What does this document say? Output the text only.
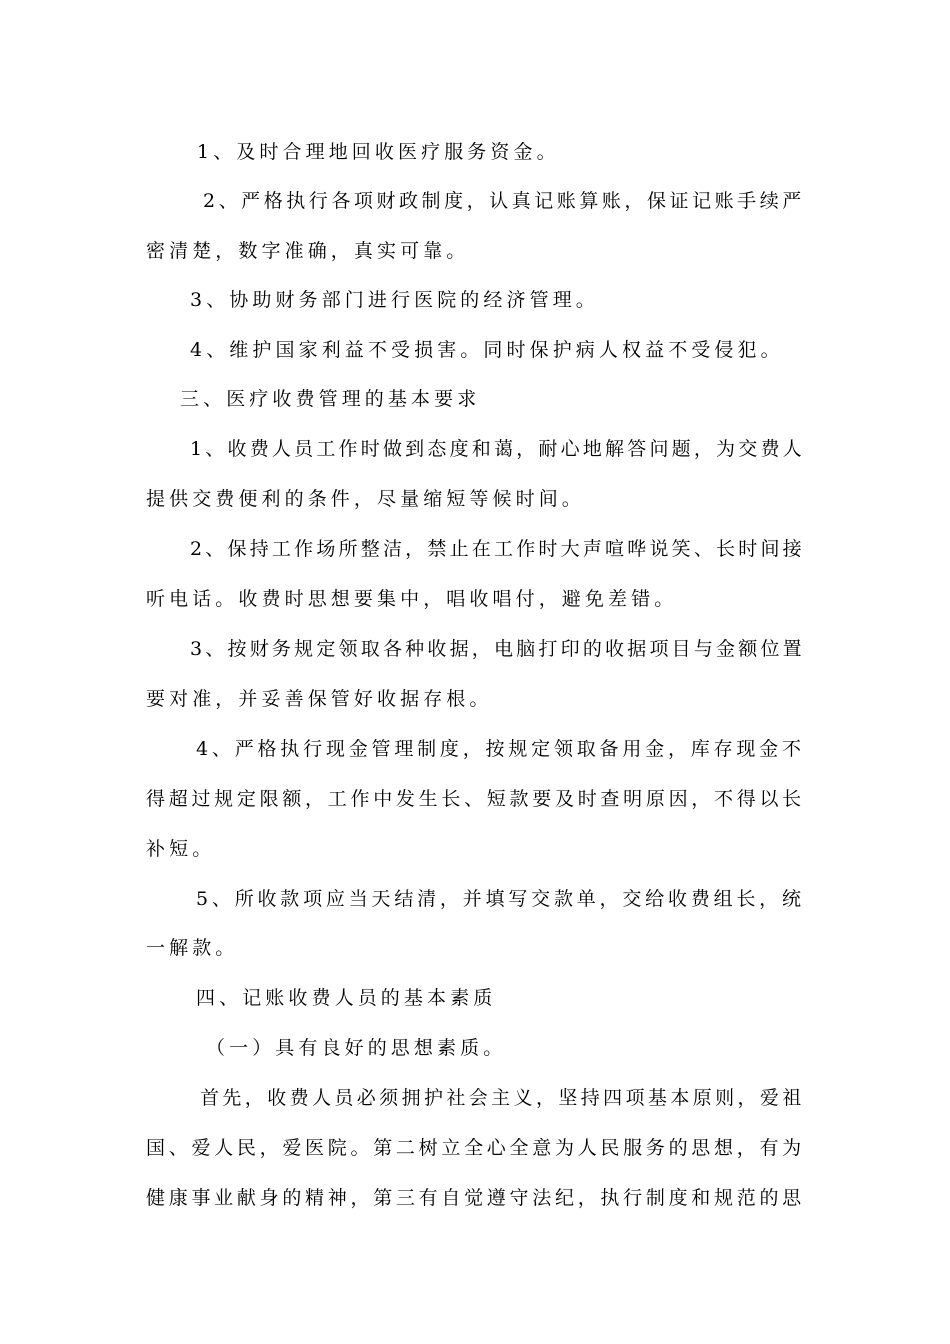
1、及时合理地回收医疗服务资金。
2、严格执行各项财政制度，认真记账算账，保证记账手续严
密清楚，数字准确，真实可靠。
3、协助财务部门进行医院的经济管理。
4、维护国家利益不受损害。同时保护病人权益不受侵犯。
三、医疗收费管理的基本要求
1、收费人员工作时做到态度和蔼，耐心地解答问题，为交费人
提供交费便利的条件，尽量缩短等候时间。
2、保持工作场所整洁，禁止在工作时大声喧哗说笑、长时间接
听电话。收费时思想要集中，唱收唱付，避免差错。
3、按财务规定领取各种收据，电脑打印的收据项目与金额位置
要对准，并妥善保管好收据存根。
4、严格执行现金管理制度，按规定领取备用金，库存现金不
得超过规定限额，工作中发生长、短款要及时查明原因，不得以长
补短。
5、所收款项应当天结清，并填写交款单，交给收费组长，统
一解款。
四、记账收费人员的基本素质
（一）具有良好的思想素质。
首先，收费人员必须拥护社会主义，坚持四项基本原则，爱祖
国、爱人民，爱医院。第二树立全心全意为人民服务的思想，有为
健康事业献身的精神，第三有自觉遵守法纪，执行制度和规范的思
